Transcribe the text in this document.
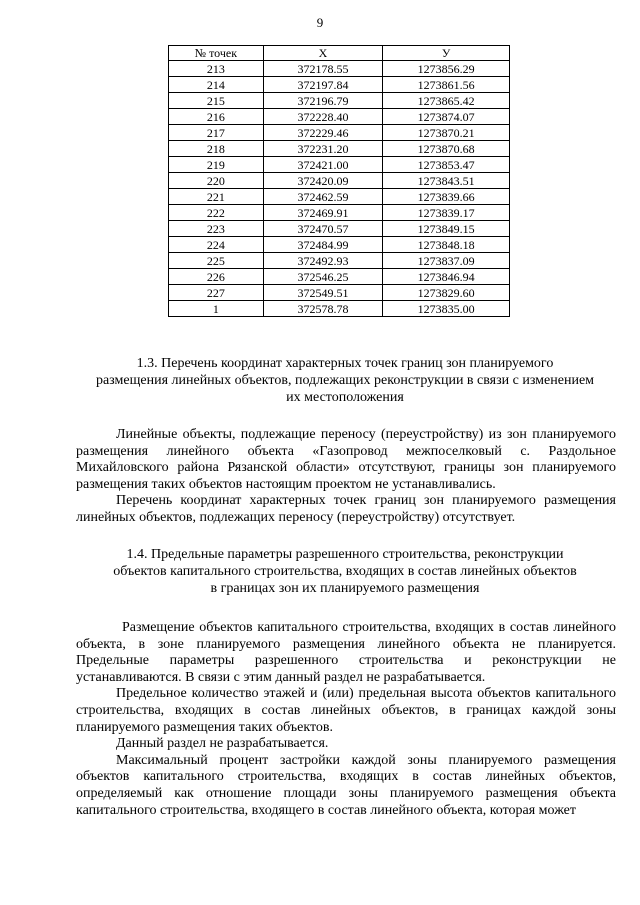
9
№ точек	X	У
213	372178.55	1273856.29
214	372197.84	1273861.56
215	372196.79	1273865.42
216	372228.40	1273874.07
217	372229.46	1273870.21
218	372231.20	1273870.68
219	372421.00	1273853.47
220	372420.09	1273843.51
221	372462.59	1273839.66
222	372469.91	1273839.17
223	372470.57	1273849.15
224	372484.99	1273848.18
225	372492.93	1273837.09
226	372546.25	1273846.94
227	372549.51	1273829.60
1	372578.78	1273835.00
1.3. Перечень координат характерных точек границ зон планируемого
размещения линейных объектов, подлежащих реконструкции в связи с изменением
их местоположения

Линейные объекты, подлежащие переносу (переустройству) из зон планируемого размещения линейного объекта «Газопровод межпоселковый с. Раздольное Михайловского района Рязанской области» отсутствуют, границы зон планируемого размещения таких объектов настоящим проектом не устанавливались.

Перечень координат характерных точек границ зон планируемого размещения линейных объектов, подлежащих переносу (переустройству) отсутствует.

1.4. Предельные параметры разрешенного строительства, реконструкции
объектов капитального строительства, входящих в состав линейных объектов
в границах зон их планируемого размещения

Размещение объектов капитального строительства, входящих в состав линейного объекта, в зоне планируемого размещения линейного объекта не планируется. Предельные параметры разрешенного строительства и реконструкции не устанавливаются. В связи с этим данный раздел не разрабатывается.

Предельное количество этажей и (или) предельная высота объектов капитального строительства, входящих в состав линейных объектов, в границах каждой зоны планируемого размещения таких объектов.

Данный раздел не разрабатывается.

Максимальный процент застройки каждой зоны планируемого размещения объектов капитального строительства, входящих в состав линейных объектов, определяемый как отношение площади зоны планируемого размещения объекта капитального строительства, входящего в состав линейного объекта, которая может
